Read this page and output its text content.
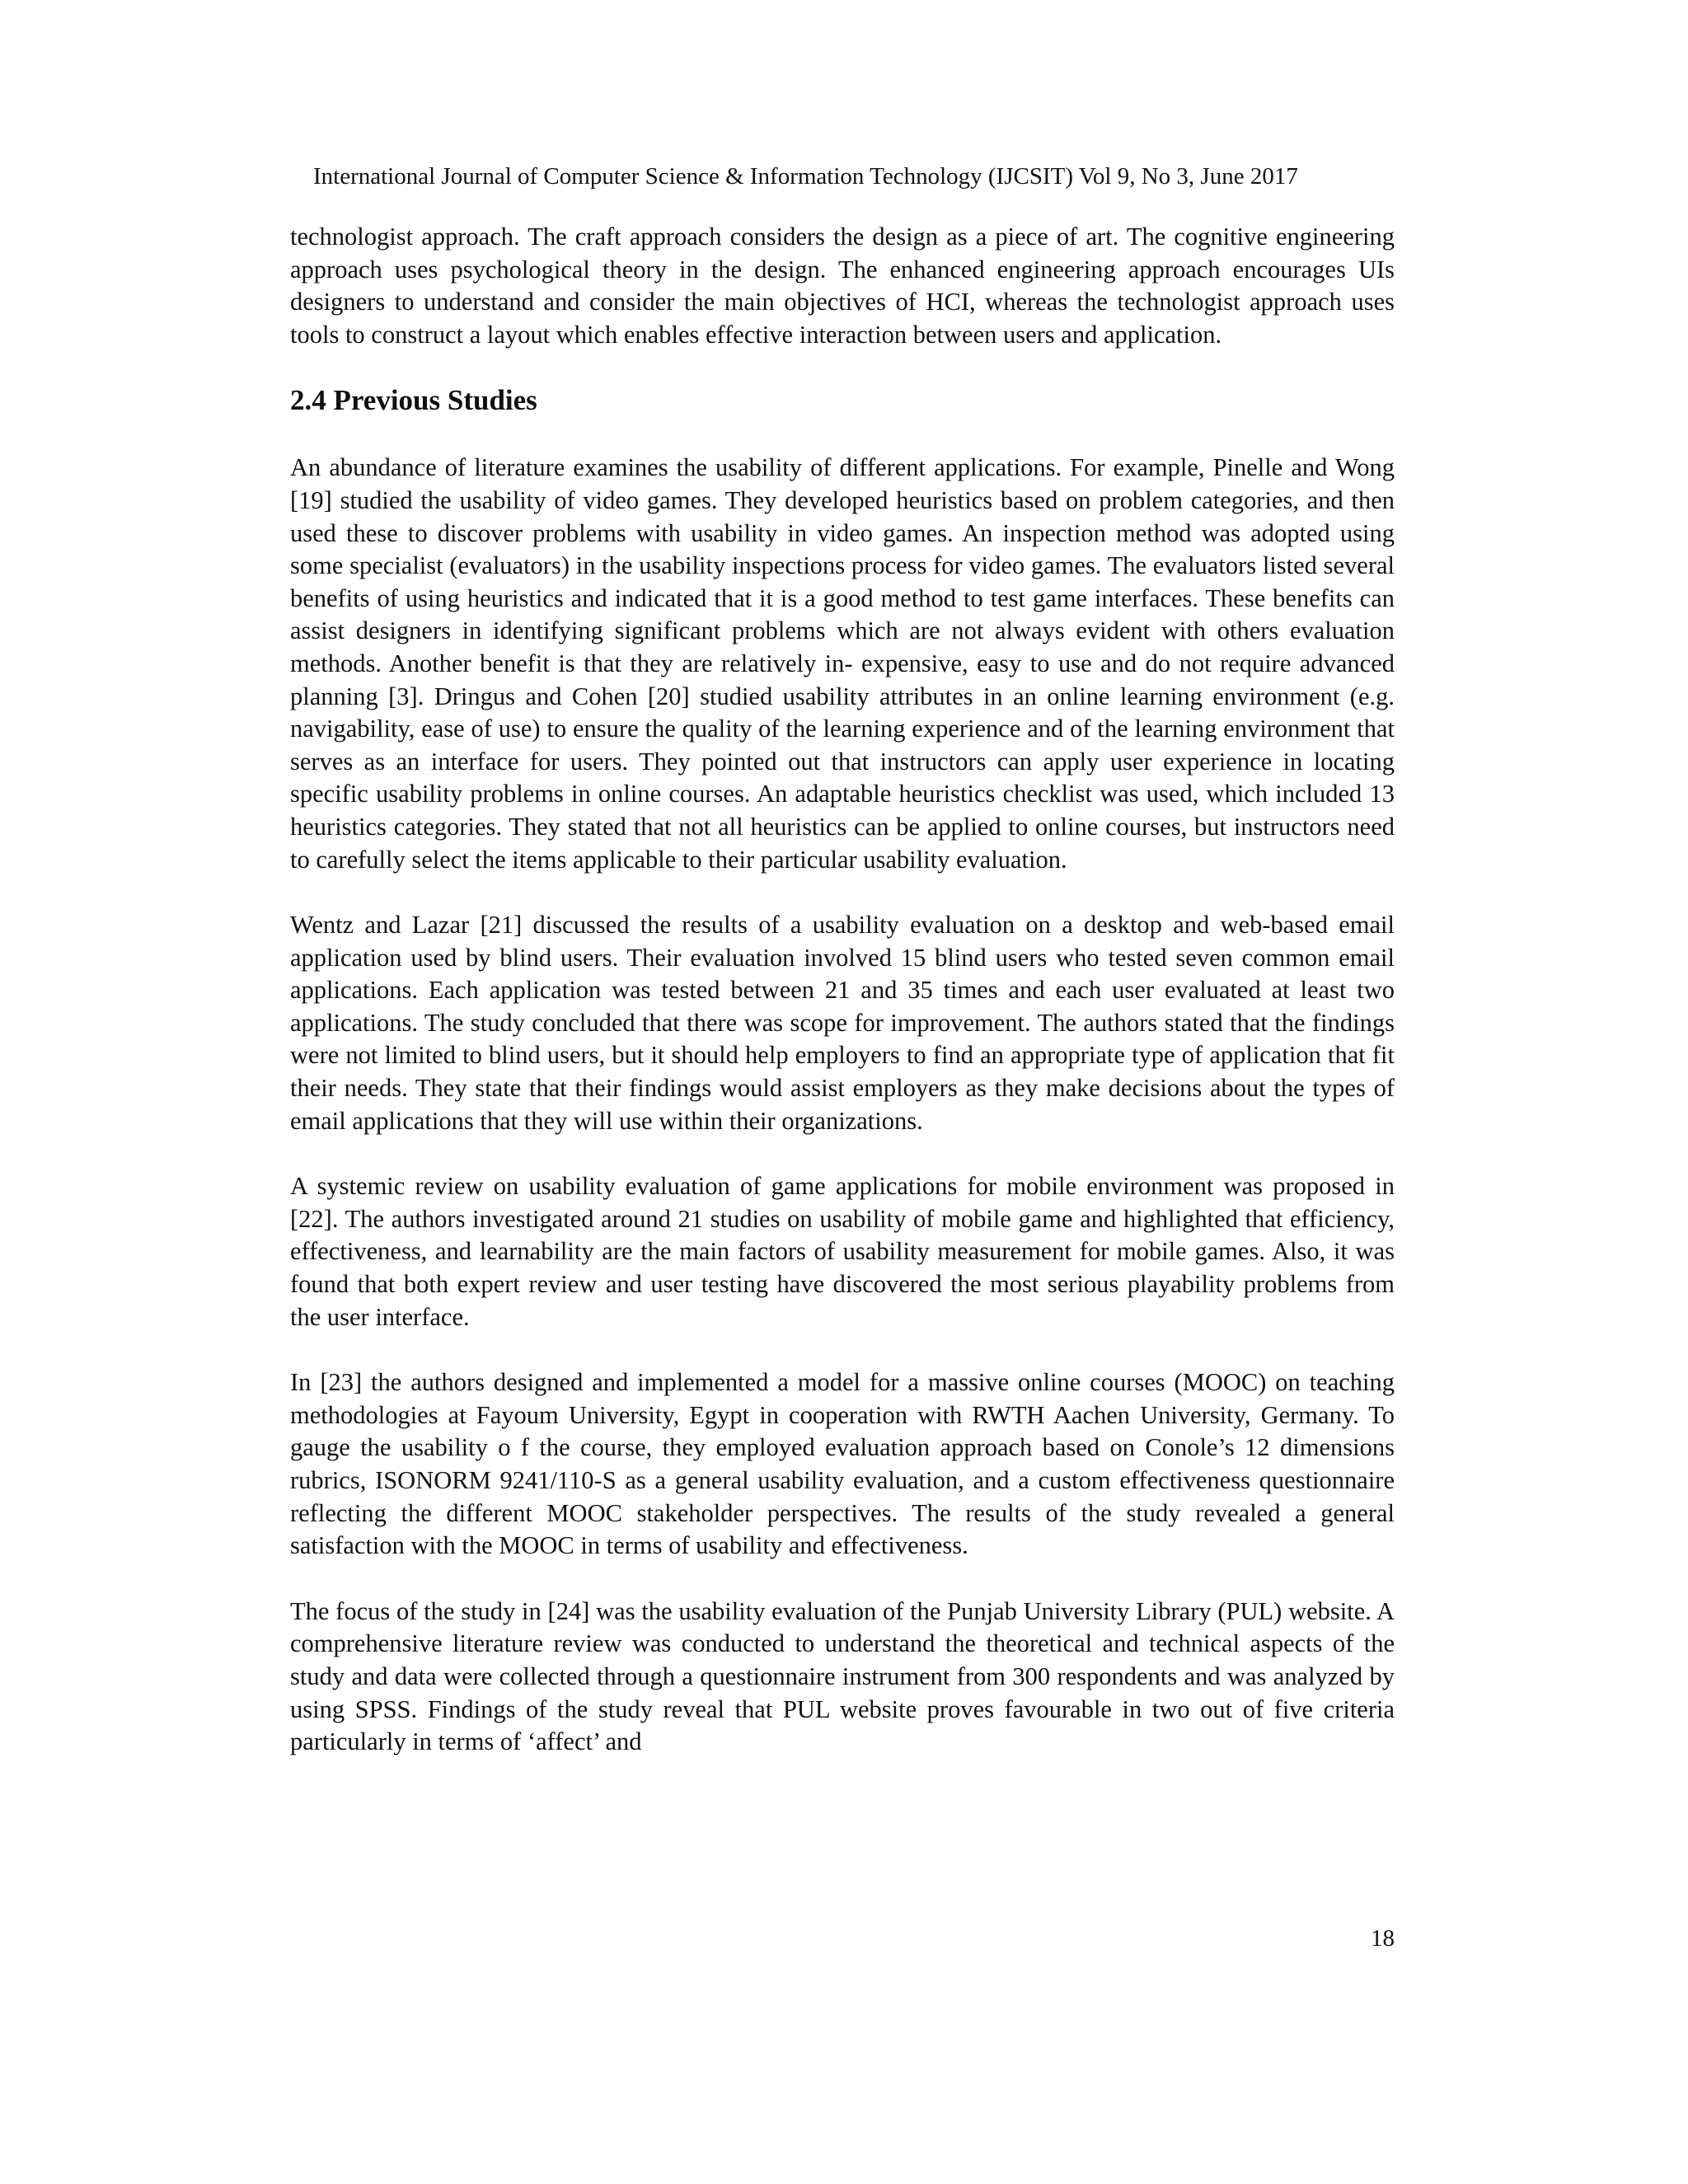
International Journal of Computer Science & Information Technology (IJCSIT) Vol 9, No 3, June 2017

technologist approach. The craft approach considers the design as a piece of art. The cognitive engineering approach uses psychological theory in the design. The enhanced engineering approach encourages UIs designers to understand and consider the main objectives of HCI, whereas the technologist approach uses tools to construct a layout which enables effective interaction between users and application.

2.4 Previous Studies

An abundance of literature examines the usability of different applications. For example, Pinelle and Wong [19] studied the usability of video games. They developed heuristics based on problem categories, and then used these to discover problems with usability in video games. An inspection method was adopted using some specialist (evaluators) in the usability inspections process for video games. The evaluators listed several benefits of using heuristics and indicated that it is a good method to test game interfaces. These benefits can assist designers in identifying significant problems which are not always evident with others evaluation methods. Another benefit is that they are relatively in- expensive, easy to use and do not require advanced planning [3]. Dringus and Cohen [20] studied usability attributes in an online learning environment (e.g. navigability, ease of use) to ensure the quality of the learning experience and of the learning environment that serves as an interface for users. They pointed out that instructors can apply user experience in locating specific usability problems in online courses. An adaptable heuristics checklist was used, which included 13 heuristics categories. They stated that not all heuristics can be applied to online courses, but instructors need to carefully select the items applicable to their particular usability evaluation.

Wentz and Lazar [21] discussed the results of a usability evaluation on a desktop and web-based email application used by blind users. Their evaluation involved 15 blind users who tested seven common email applications. Each application was tested between 21 and 35 times and each user evaluated at least two applications. The study concluded that there was scope for improvement. The authors stated that the findings were not limited to blind users, but it should help employers to find an appropriate type of application that fit their needs. They state that their findings would assist employers as they make decisions about the types of email applications that they will use within their organizations.

A systemic review on usability evaluation of game applications for mobile environment was proposed in [22]. The authors investigated around 21 studies on usability of mobile game and highlighted that efficiency, effectiveness, and learnability are the main factors of usability measurement for mobile games. Also, it was found that both expert review and user testing have discovered the most serious playability problems from the user interface.

In [23] the authors designed and implemented a model for a massive online courses (MOOC) on teaching methodologies at Fayoum University, Egypt in cooperation with RWTH Aachen University, Germany. To gauge the usability o f the course, they employed evaluation approach based on Conole’s 12 dimensions rubrics, ISONORM 9241/110-S as a general usability evaluation, and a custom effectiveness questionnaire reflecting the different MOOC stakeholder perspectives. The results of the study revealed a general satisfaction with the MOOC in terms of usability and effectiveness.

The focus of the study in [24] was the usability evaluation of the Punjab University Library (PUL) website. A comprehensive literature review was conducted to understand the theoretical and technical aspects of the study and data were collected through a questionnaire instrument from 300 respondents and was analyzed by using SPSS. Findings of the study reveal that PUL website proves favourable in two out of five criteria particularly in terms of ‘affect’ and

18
